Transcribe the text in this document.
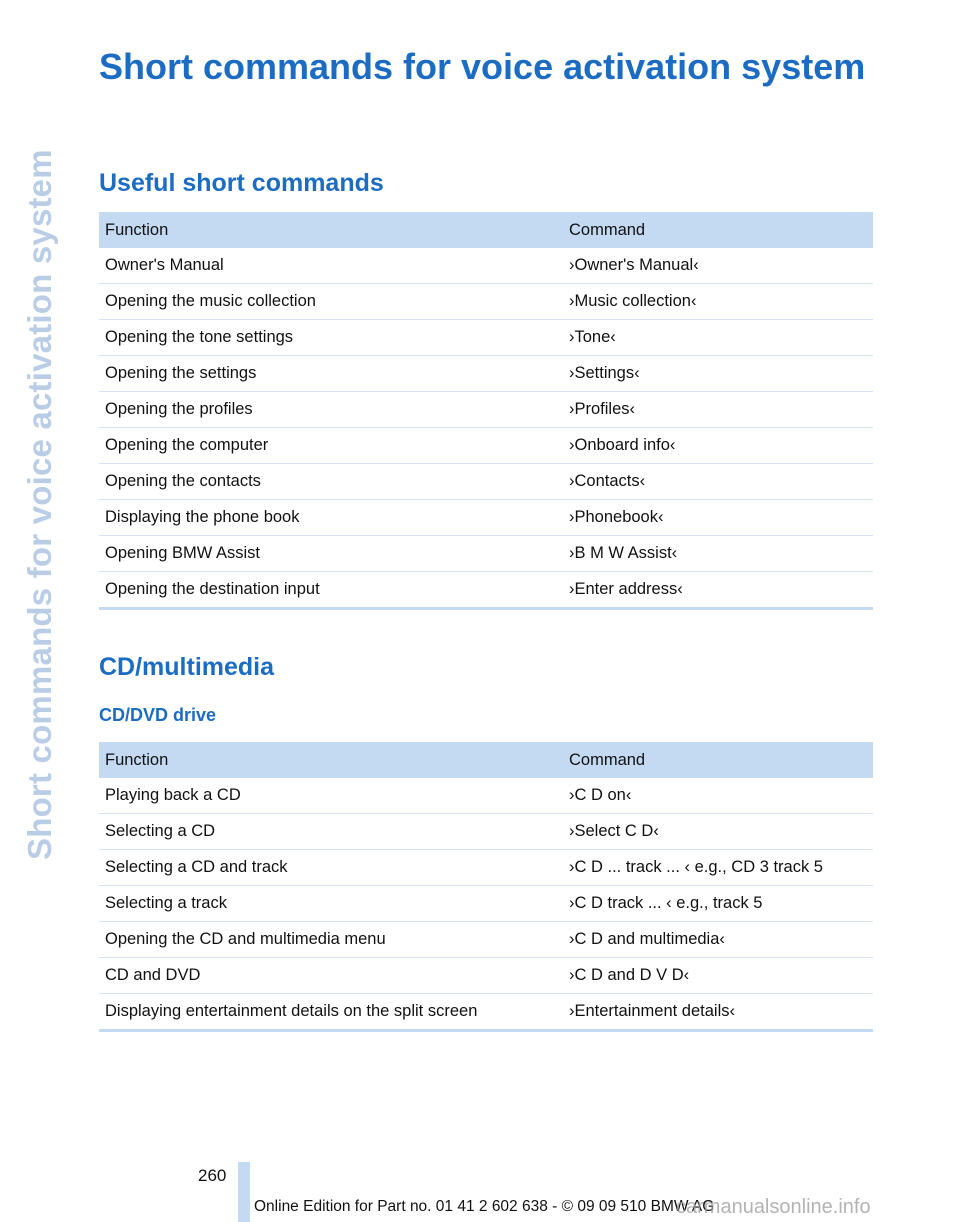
Short commands for voice activation system
Short commands for voice activation system
Useful short commands
Function	Command
Owner's Manual	›Owner's Manual‹
Opening the music collection	›Music collection‹
Opening the tone settings	›Tone‹
Opening the settings	›Settings‹
Opening the profiles	›Profiles‹
Opening the computer	›Onboard info‹
Opening the contacts	›Contacts‹
Displaying the phone book	›Phonebook‹
Opening BMW Assist	›B M W Assist‹
Opening the destination input	›Enter address‹
CD/multimedia
CD/DVD drive
Function	Command
Playing back a CD	›C D on‹
Selecting a CD	›Select C D‹
Selecting a CD and track	›C D ... track ... ‹ e.g., CD 3 track 5
Selecting a track	›C D track ... ‹ e.g., track 5
Opening the CD and multimedia menu	›C D and multimedia‹
CD and DVD	›C D and D V D‹
Displaying entertainment details on the split screen	›Entertainment details‹
260
Online Edition for Part no. 01 41 2 602 638 - © 09 09 510 BMW AG
carmanualsonline.info
